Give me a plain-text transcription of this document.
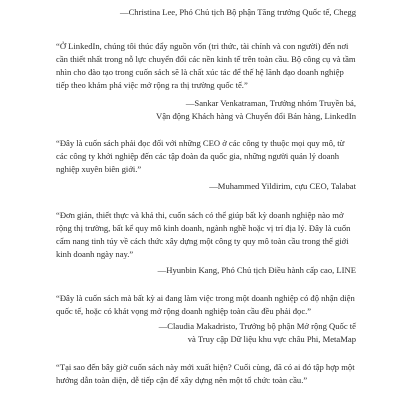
—Christina Lee, Phó Chủ tịch Bộ phận Tăng trưởng Quốc tế, Chegg

“Ở LinkedIn, chúng tôi thúc đẩy nguồn vốn (tri thức, tài chính và con người) đến nơi cần thiết nhất trong nỗ lực chuyển đổi các nền kinh tế trên toàn cầu. Bộ công cụ và tầm nhìn cho đào tạo trong cuốn sách sẽ là chất xúc tác để thế hệ lãnh đạo doanh nghiệp tiếp theo khám phá việc mở rộng ra thị trường quốc tế.”

—Sankar Venkatraman, Trưởng nhóm Truyền bá,
Vận động Khách hàng và Chuyển đổi Bán hàng, LinkedIn

“Đây là cuốn sách phải đọc đối với những CEO ở các công ty thuộc mọi quy mô, từ các công ty khởi nghiệp đến các tập đoàn đa quốc gia, những người quản lý doanh nghiệp xuyên biên giới.”

—Muhammed Yildirim, cựu CEO, Talabat

“Đơn giản, thiết thực và khả thi, cuốn sách có thể giúp bất kỳ doanh nghiệp nào mở rộng thị trường, bất kể quy mô kinh doanh, ngành nghề hoặc vị trí địa lý. Đây là cuốn cẩm nang tinh túy về cách thức xây dựng một công ty quy mô toàn cầu trong thế giới kinh doanh ngày nay.”

—Hyunbin Kang, Phó Chủ tịch Điều hành cấp cao, LINE

“Đây là cuốn sách mà bất kỳ ai đang làm việc trong một doanh nghiệp có độ nhận diện quốc tế, hoặc có khát vọng mở rộng doanh nghiệp toàn cầu đều phải đọc.”

—Claudia Makadristo, Trưởng bộ phận Mở rộng Quốc tế
và Truy cập Dữ liệu khu vực châu Phi, MetaMap

“Tại sao đến bây giờ cuốn sách này mới xuất hiện? Cuối cùng, đã có ai đó tập hợp một hướng dẫn toàn diện, dễ tiếp cận để xây dựng nên một tổ chức toàn cầu.”
